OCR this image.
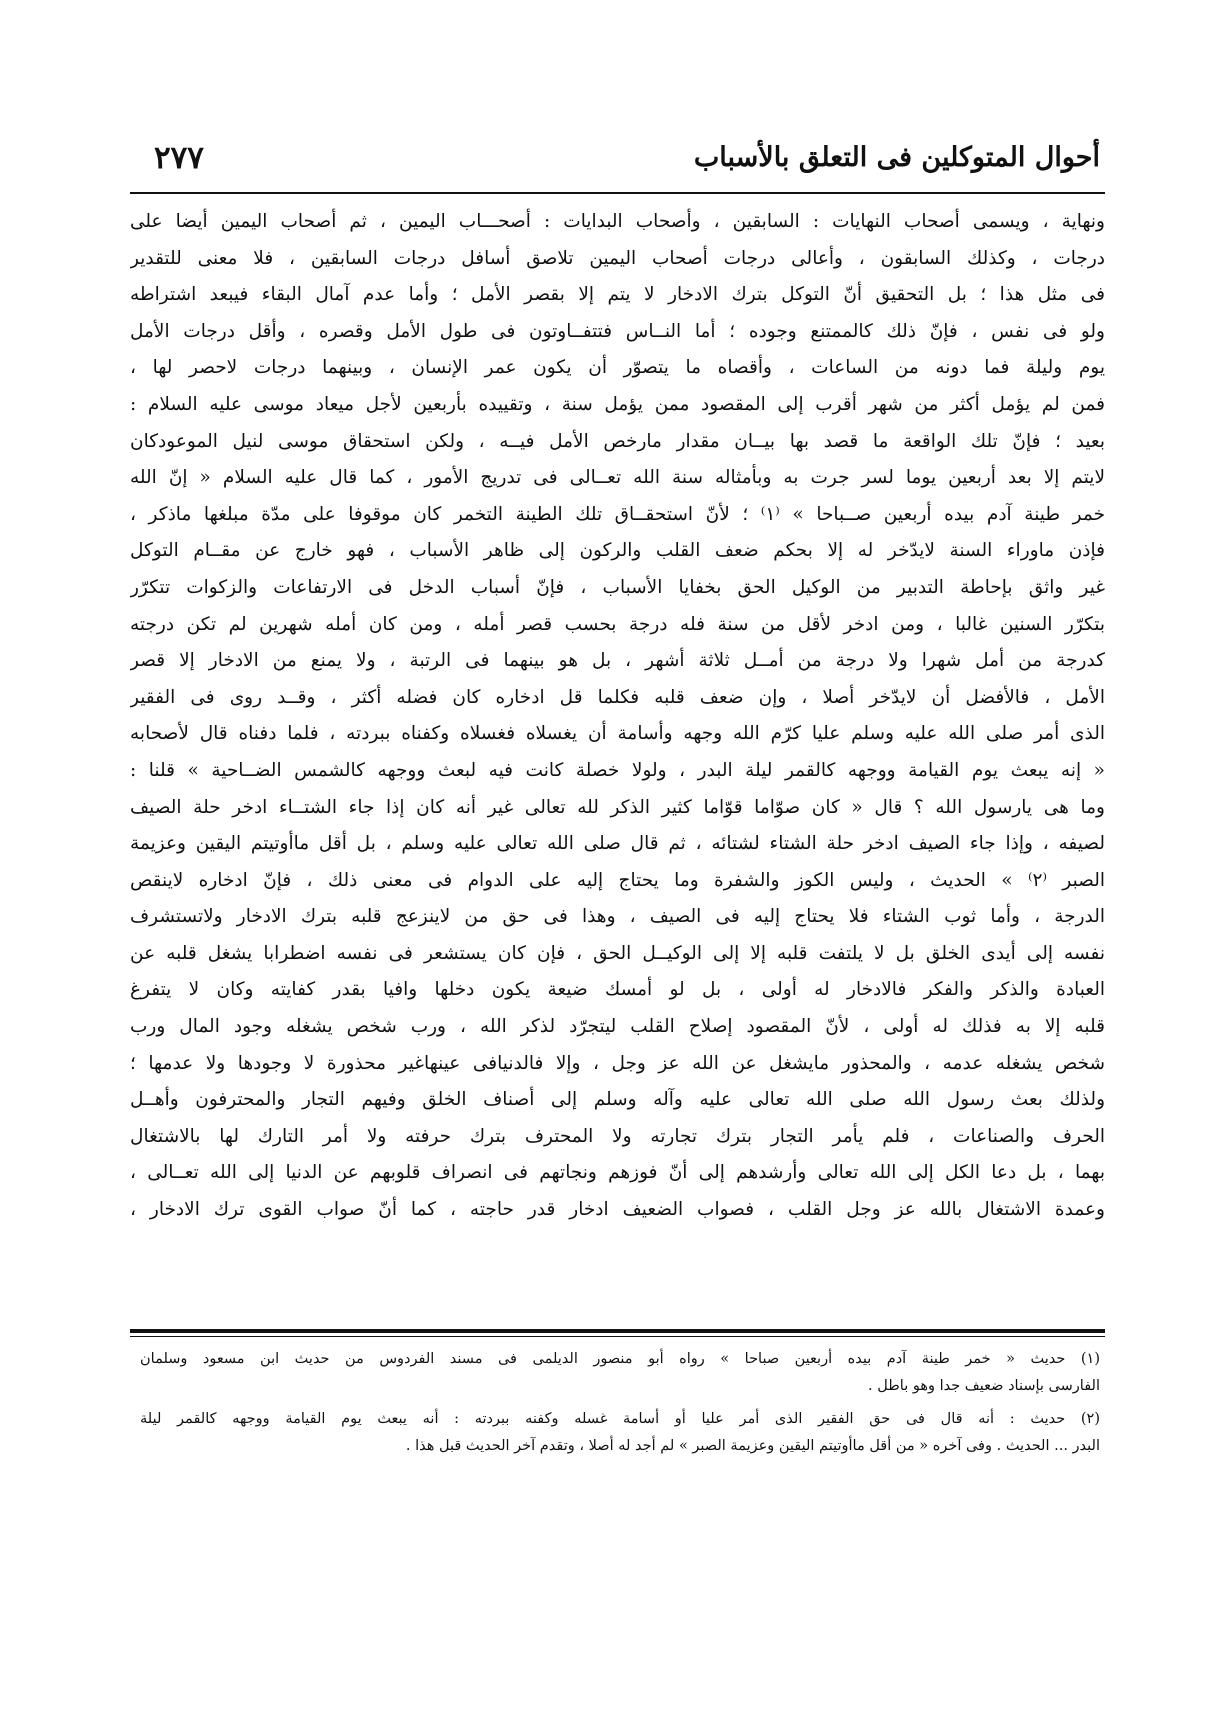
أحوال المتوكلين فى التعلق بالأسباب
٢٧٧
ونهاية ، ويسمى أصحاب النهايات : السابقين ، وأصحاب البدايات : أصحـــاب اليمين ، ثم أصحاب اليمين أيضا على
درجات ، وكذلك السابقون ، وأعالى درجات أصحاب اليمين تلاصق أسافل درجات السابقين ، فلا معنى للتقدير
فى مثل هذا ؛ بل التحقيق أنّ التوكل بترك الادخار لا يتم إلا بقصر الأمل ؛ وأما عدم آمال البقاء فيبعد اشتراطه
ولو فى نفس ، فإنّ ذلك كالممتنع وجوده ؛ أما النــاس فتتفــاوتون فى طول الأمل وقصره ، وأقل درجات الأمل
يوم وليلة فما دونه من الساعات ، وأقصاه ما يتصوّر أن يكون عمر الإنسان ، وبينهما درجات لاحصر لها ،
فمن لم يؤمل أكثر من شهر أقرب إلى المقصود ممن يؤمل سنة ، وتقييده بأربعين لأجل ميعاد موسى عليه السلام :
بعيد ؛ فإنّ تلك الواقعة ما قصد بها بيــان مقدار مارخص الأمل فيــه ، ولكن استحقاق موسى لنيل الموعودكان
لايتم إلا بعد أربعين يوما لسر جرت به وبأمثاله سنة الله تعــالى فى تدريج الأمور ، كما قال عليه السلام « إنّ الله
خمر طينة آدم بيده أربعين صــباحا » ⁽١⁾ ؛ لأنّ استحقــاق تلك الطينة التخمر كان موقوفا على مدّة مبلغها ماذكر ،
فإذن ماوراء السنة لايدّخر له إلا بحكم ضعف القلب والركون إلى ظاهر الأسباب ، فهو خارج عن مقــام التوكل
غير واثق بإحاطة التدبير من الوكيل الحق بخفايا الأسباب ، فإنّ أسباب الدخل فى الارتفاعات والزكوات تتكرّر
بتكرّر السنين غالبا ، ومن ادخر لأقل من سنة فله درجة بحسب قصر أمله ، ومن كان أمله شهرين لم تكن درجته
كدرجة من أمل شهرا ولا درجة من أمــل ثلاثة أشهر ، بل هو بينهما فى الرتبة ، ولا يمنع من الادخار إلا قصر
الأمل ، فالأفضل أن لايدّخر أصلا ، وإن ضعف قلبه فكلما قل ادخاره كان فضله أكثر ، وقــد روى فى الفقير
الذى أمر صلى الله عليه وسلم عليا كرّم الله وجهه وأسامة أن يغسلاه فغسلاه وكفناه ببردته ، فلما دفناه قال لأصحابه
« إنه يبعث يوم القيامة ووجهه كالقمر ليلة البدر ، ولولا خصلة كانت فيه لبعث ووجهه كالشمس الضــاحية » قلنا :
وما هى يارسول الله ؟ قال « كان صوّاما قوّاما كثير الذكر لله تعالى غير أنه كان إذا جاء الشتــاء ادخر حلة الصيف
لصيفه ، وإذا جاء الصيف ادخر حلة الشتاء لشتائه ، ثم قال صلى الله تعالى عليه وسلم ، بل أقل ماأوتيتم اليقين وعزيمة
الصبر ⁽٢⁾ » الحديث ، وليس الكوز والشفرة وما يحتاج إليه على الدوام فى معنى ذلك ، فإنّ ادخاره لاينقص
الدرجة ، وأما ثوب الشتاء فلا يحتاج إليه فى الصيف ، وهذا فى حق من لاينزعج قلبه بترك الادخار ولاتستشرف
نفسه إلى أيدى الخلق بل لا يلتفت قلبه إلا إلى الوكيــل الحق ، فإن كان يستشعر فى نفسه اضطرابا يشغل قلبه عن
العبادة والذكر والفكر فالادخار له أولى ، بل لو أمسك ضيعة يكون دخلها وافيا بقدر كفايته وكان لا يتفرغ
قلبه إلا به فذلك له أولى ، لأنّ المقصود إصلاح القلب ليتجرّد لذكر الله ، ورب شخص يشغله وجود المال ورب
شخص يشغله عدمه ، والمحذور مايشغل عن الله عز وجل ، وإلا فالدنيافى عينهاغير محذورة لا وجودها ولا عدمها ؛
ولذلك بعث رسول الله صلى الله تعالى عليه وآله وسلم إلى أصناف الخلق وفيهم التجار والمحترفون وأهــل
الحرف والصناعات ، فلم يأمر التجار بترك تجارته ولا المحترف بترك حرفته ولا أمر التارك لها بالاشتغال
بهما ، بل دعا الكل إلى الله تعالى وأرشدهم إلى أنّ فوزهم ونجاتهم فى انصراف قلوبهم عن الدنيا إلى الله تعــالى ،
وعمدة الاشتغال بالله عز وجل القلب ، فصواب الضعيف ادخار قدر حاجته ، كما أنّ صواب القوى ترك الادخار ،
(١) حديث « خمر طينة آدم بيده أربعين صباحا » رواه أبو منصور الديلمى فى مسند الفردوس من حديث ابن مسعود وسلمان
الفارسى بإسناد ضعيف جدا وهو باطل .
(٢) حديث : أنه قال فى حق الفقير الذى أمر عليا أو أسامة غسله وكفنه ببردته : أنه يبعث يوم القيامة ووجهه كالقمر ليلة
البدر ... الحديث . وفى آخره « من أقل ماأوتيتم اليقين وعزيمة الصبر » لم أجد له أصلا ، وتقدم آخر الحديث قبل هذا .
